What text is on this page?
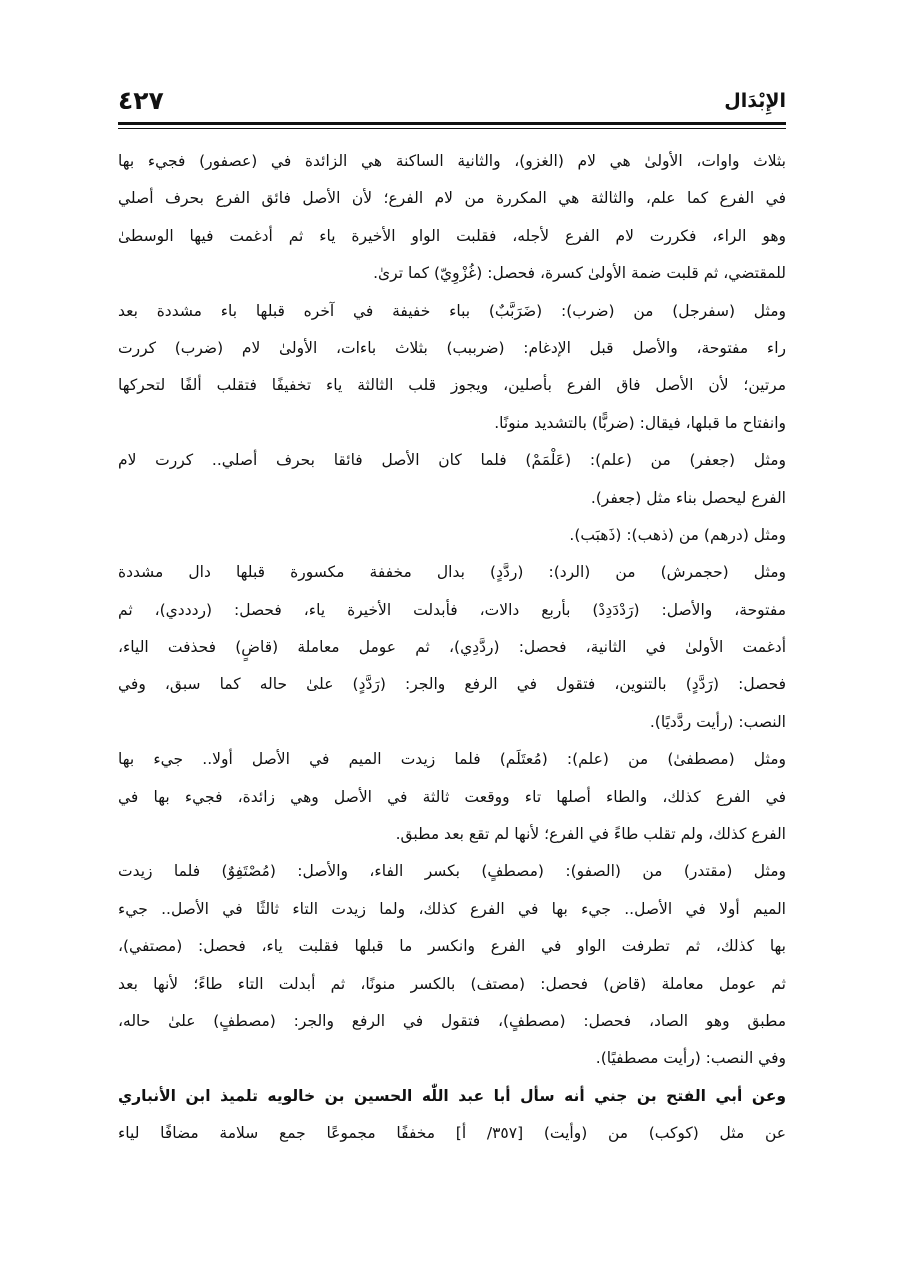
الإِبْدَال
٤٢٧
بثلاث واوات، الأولىٰ هي لام (الغزو)، والثانية الساكنة هي الزائدة في (عصفور) فجيء بها
في الفرع كما علم، والثالثة هي المكررة من لام الفرع؛ لأن الأصل فائق الفرع بحرف أصلي
وهو الراء، فكررت لام الفرع لأجله، فقلبت الواو الأخيرة ياء ثم أدغمت فيها الوسطىٰ
للمقتضي، ثم قلبت ضمة الأولىٰ كسرة، فحصل: (غُزْوِيّ) كما ترىٰ.
ومثل (سفرجل) من (ضرب): (ضَرَبَّبٌ) بباء خفيفة في آخره قبلها باء مشددة بعد
راء مفتوحة، والأصل قبل الإدغام: (ضرببب) بثلاث باءات، الأولىٰ لام (ضرب) كررت
مرتين؛ لأن الأصل فاق الفرع بأصلين، ويجوز قلب الثالثة ياء تخفيفًا فتقلب ألفًا لتحركها
وانفتاح ما قبلها، فيقال: (ضربًّا) بالتشديد منونًا.
ومثل (جعفر) من (علم): (عَلْمَمْ) فلما كان الأصل فائقا بحرف أصلي.. كررت لام
الفرع ليحصل بناء مثل (جعفر).
ومثل (درهم) من (ذهب): (ذَهبَب).
ومثل (حجمرش) من (الرد): (ردَّدٍ) بدال مخففة مكسورة قبلها دال مشددة
مفتوحة، والأصل: (رَدْدَدِدْ) بأربع دالات، فأبدلت الأخيرة ياء، فحصل: (ردددي)، ثم
أدغمت الأولىٰ في الثانية، فحصل: (ردَّدِي)، ثم عومل معاملة (قاضٍ) فحذفت الياء،
فحصل: (رَدَّدٍ) بالتنوين، فتقول في الرفع والجر: (رَدَّدٍ) علىٰ حاله كما سبق، وفي
النصب: (رأيت ردَّديًا).
ومثل (مصطفىٰ) من (علم): (مُعتَلَم) فلما زيدت الميم في الأصل أولا.. جيء بها
في الفرع كذلك، والطاء أصلها تاء ووقعت ثالثة في الأصل وهي زائدة، فجيء بها في
الفرع كذلك، ولم تقلب طاءً في الفرع؛ لأنها لم تقع بعد مطبق.
ومثل (مقتدر) من (الصفو): (مصطفٍ) بكسر الفاء، والأصل: (مُصْتَفِوٌ) فلما زيدت
الميم أولا في الأصل.. جيء بها في الفرع كذلك، ولما زيدت التاء ثالثًا في الأصل.. جيء
بها كذلك، ثم تطرفت الواو في الفرع وانكسر ما قبلها فقلبت ياء، فحصل: (مصتفي)،
ثم عومل معاملة (قاض) فحصل: (مصتف) بالكسر منونًا، ثم أبدلت التاء طاءً؛ لأنها بعد
مطبق وهو الصاد، فحصل: (مصطفٍ)، فتقول في الرفع والجر: (مصطفٍ) علىٰ حاله،
وفي النصب: (رأيت مصطفيًا).
وعن أبي الفتح بن جني أنه سأل أبا عبد اللّٰه الحسين بن خالويه تلميذ ابن الأنباري
عن مثل (كوكب) من (وأيت) [٣٥٧/ أ] مخففًا مجموعًا جمع سلامة مضافًا لياء
